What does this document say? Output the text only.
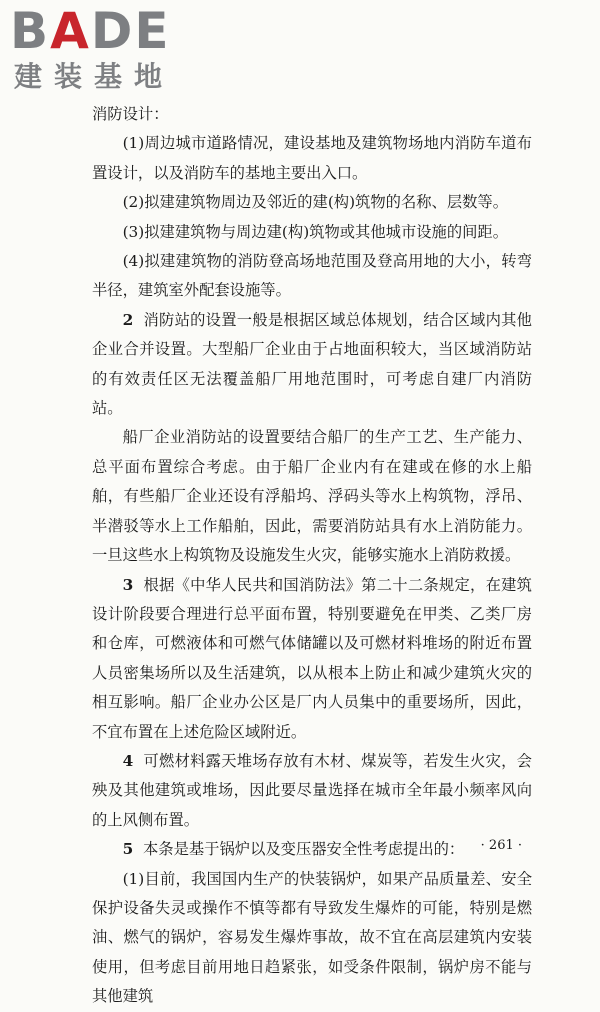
BADE
建装基地

消防设计：

(1)周边城市道路情况，建设基地及建筑物场地内消防车道布置设计，以及消防车的基地主要出入口。

(2)拟建建筑物周边及邻近的建(构)筑物的名称、层数等。

(3)拟建建筑物与周边建(构)筑物或其他城市设施的间距。

(4)拟建建筑物的消防登高场地范围及登高用地的大小，转弯半径，建筑室外配套设施等。

2 消防站的设置一般是根据区域总体规划，结合区域内其他企业合并设置。大型船厂企业由于占地面积较大，当区域消防站的有效责任区无法覆盖船厂用地范围时，可考虑自建厂内消防站。

船厂企业消防站的设置要结合船厂的生产工艺、生产能力、总平面布置综合考虑。由于船厂企业内有在建或在修的水上船舶，有些船厂企业还设有浮船坞、浮码头等水上构筑物，浮吊、半潜驳等水上工作船舶，因此，需要消防站具有水上消防能力。一旦这些水上构筑物及设施发生火灾，能够实施水上消防救援。

3 根据《中华人民共和国消防法》第二十二条规定，在建筑设计阶段要合理进行总平面布置，特别要避免在甲类、乙类厂房和仓库，可燃液体和可燃气体储罐以及可燃材料堆场的附近布置人员密集场所以及生活建筑，以从根本上防止和减少建筑火灾的相互影响。船厂企业办公区是厂内人员集中的重要场所，因此，不宜布置在上述危险区域附近。

4 可燃材料露天堆场存放有木材、煤炭等，若发生火灾，会殃及其他建筑或堆场，因此要尽量选择在城市全年最小频率风向的上风侧布置。

5 本条是基于锅炉以及变压器安全性考虑提出的：

(1)目前，我国国内生产的快装锅炉，如果产品质量差、安全保护设备失灵或操作不慎等都有导致发生爆炸的可能，特别是燃油、燃气的锅炉，容易发生爆炸事故，故不宜在高层建筑内安装使用，但考虑目前用地日趋紧张，如受条件限制，锅炉房不能与其他建筑

· 261 ·
